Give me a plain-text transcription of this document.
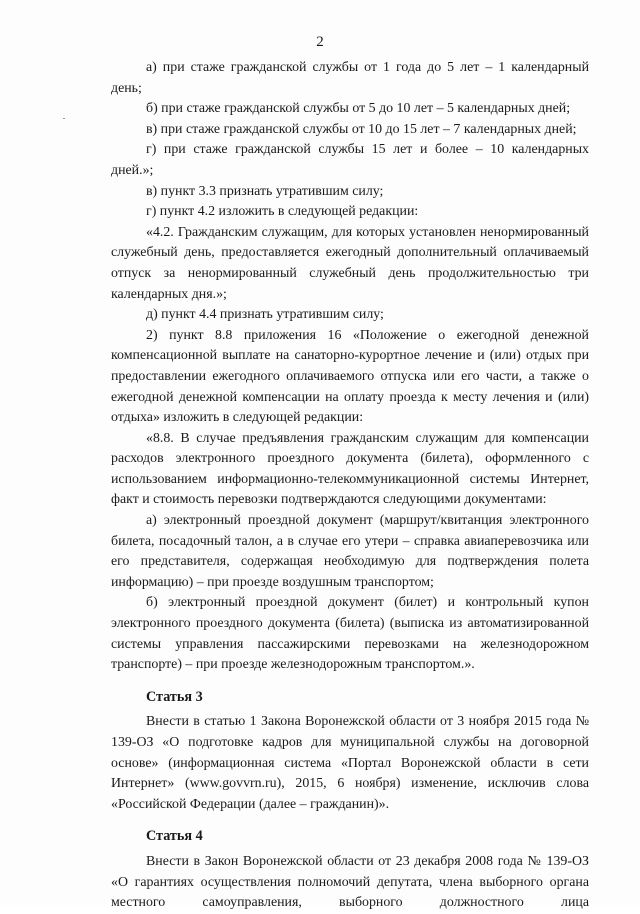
2

а) при стаже гражданской службы от 1 года до 5 лет – 1 календарный день;

б) при стаже гражданской службы от 5 до 10 лет – 5 календарных дней;

в) при стаже гражданской службы от 10 до 15 лет – 7 календарных дней;

г) при стаже гражданской службы 15 лет и более – 10 календарных дней.»;

в) пункт 3.3 признать утратившим силу;

г) пункт 4.2 изложить в следующей редакции:

«4.2. Гражданским служащим, для которых установлен ненормированный служебный день, предоставляется ежегодный дополнительный оплачиваемый отпуск за ненормированный служебный день продолжительностью три календарных дня.»;

д) пункт 4.4 признать утратившим силу;

2) пункт 8.8 приложения 16 «Положение о ежегодной денежной компенсационной выплате на санаторно-курортное лечение и (или) отдых при предоставлении ежегодного оплачиваемого отпуска или его части, а также о ежегодной денежной компенсации на оплату проезда к месту лечения и (или) отдыха» изложить в следующей редакции:

«8.8. В случае предъявления гражданским служащим для компенсации расходов электронного проездного документа (билета), оформленного с использованием информационно-телекоммуникационной системы Интернет, факт и стоимость перевозки подтверждаются следующими документами:

а) электронный проездной документ (маршрут/квитанция электронного билета, посадочный талон, а в случае его утери – справка авиаперевозчика или его представителя, содержащая необходимую для подтверждения полета информацию) – при проезде воздушным транспортом;

б) электронный проездной документ (билет) и контрольный купон электронного проездного документа (билета) (выписка из автоматизированной системы управления пассажирскими перевозками на железнодорожном транспорте) – при проезде железнодорожным транспортом.».

Статья 3

Внести в статью 1 Закона Воронежской области от 3 ноября 2015 года № 139-ОЗ «О подготовке кадров для муниципальной службы на договорной основе» (информационная система «Портал Воронежской области в сети Интернет» (www.govvrn.ru), 2015, 6 ноября) изменение, исключив слова «Российской Федерации (далее – гражданин)».

Статья 4

Внести в Закон Воронежской области от 23 декабря 2008 года № 139-ОЗ «О гарантиях осуществления полномочий депутата, члена выборного органа местного самоуправления, выборного должностного лица
